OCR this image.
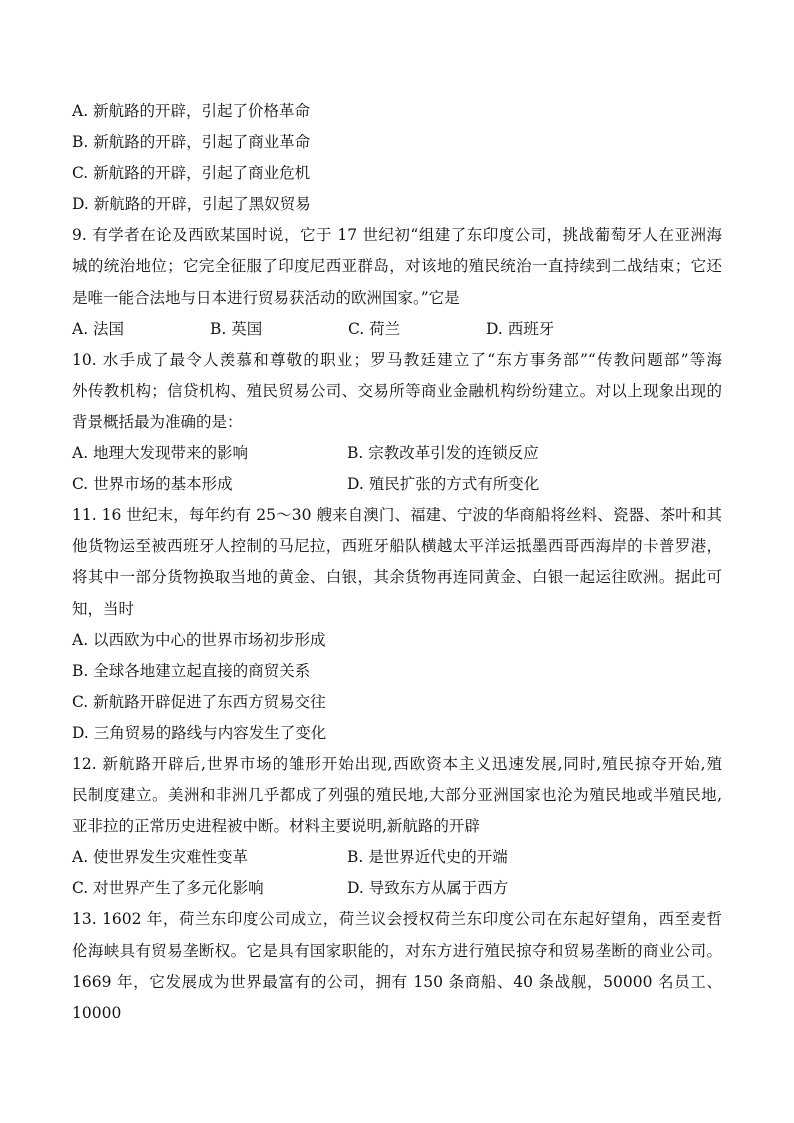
A. 新航路的开辟，引起了价格革命
B. 新航路的开辟，引起了商业革命
C. 新航路的开辟，引起了商业危机
D. 新航路的开辟，引起了黑奴贸易
9. 有学者在论及西欧某国时说，它于 17 世纪初“组建了东印度公司，挑战葡萄牙人在亚洲海
城的统治地位；它完全征服了印度尼西亚群岛，对该地的殖民统治一直持续到二战结束；它还
是唯一能合法地与日本进行贸易获活动的欧洲国家。”它是
A. 法国	B. 英国	C. 荷兰	D. 西班牙
10. 水手成了最令人羡慕和尊敬的职业；罗马教廷建立了“东方事务部”“传教问题部”等海
外传教机构；信贷机构、殖民贸易公司、交易所等商业金融机构纷纷建立。对以上现象出现的
背景概括最为准确的是：
A. 地理大发现带来的影响	B. 宗教改革引发的连锁反应
C. 世界市场的基本形成	D. 殖民扩张的方式有所变化
11. 16 世纪末，每年约有 25～30 艘来自澳门、福建、宁波的华商船将丝料、瓷器、茶叶和其
他货物运至被西班牙人控制的马尼拉，西班牙船队横越太平洋运抵墨西哥西海岸的卡普罗港，
将其中一部分货物换取当地的黄金、白银，其余货物再连同黄金、白银一起运往欧洲。据此可
知，当时
A. 以西欧为中心的世界市场初步形成
B. 全球各地建立起直接的商贸关系
C. 新航路开辟促进了东西方贸易交往
D. 三角贸易的路线与内容发生了变化
12. 新航路开辟后,世界市场的雏形开始出现,西欧资本主义迅速发展,同时,殖民掠夺开始,殖
民制度建立。美洲和非洲几乎都成了列强的殖民地,大部分亚洲国家也沦为殖民地或半殖民地,
亚非拉的正常历史进程被中断。材料主要说明,新航路的开辟
A. 使世界发生灾难性变革	B. 是世界近代史的开端
C. 对世界产生了多元化影响	D. 导致东方从属于西方
13. 1602 年，荷兰东印度公司成立，荷兰议会授权荷兰东印度公司在东起好望角，西至麦哲
伦海峡具有贸易垄断权。它是具有国家职能的，对东方进行殖民掠夺和贸易垄断的商业公司。
1669 年，它发展成为世界最富有的公司，拥有 150 条商船、40 条战舰，50000 名员工、10000
